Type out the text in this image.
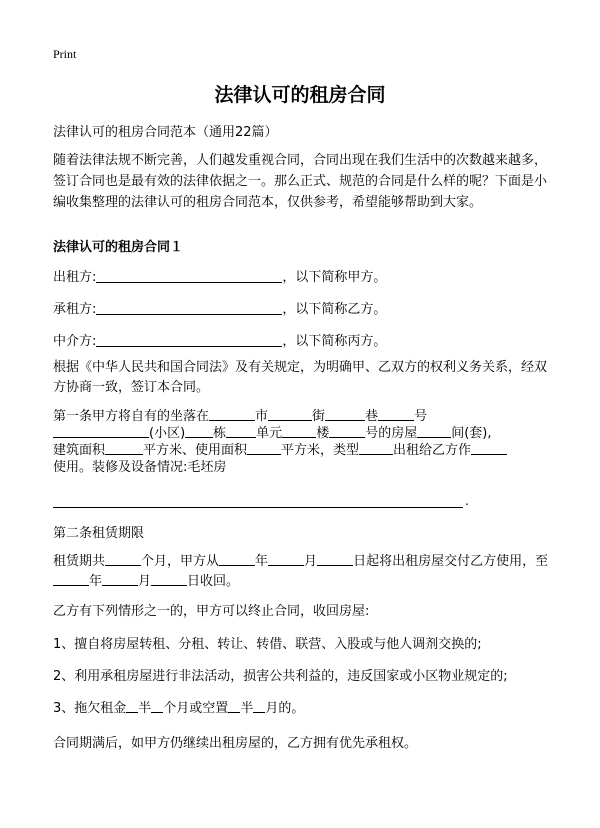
Print
法律认可的租房合同
法律认可的租房合同范本（通用22篇）
随着法律法规不断完善，人们越发重视合同，合同出现在我们生活中的次数越来越多，签订合同也是最有效的法律依据之一。那么正式、规范的合同是什么样的呢？下面是小编收集整理的法律认可的租房合同范本，仅供参考，希望能够帮助到大家。
法律认可的租房合同１
出租方:	，以下简称甲方。
承租方:	，以下简称乙方。
中介方:	，以下简称丙方。
根据《中华人民共和国合同法》及有关规定，为明确甲、乙双方的权利义务关系，经双方协商一致，签订本合同。
第一条甲方将自有的坐落在	市	街	巷	号
(小区) 栋 单元	楼	号的房屋	间(套),
建筑面积	平方米、使用面积	平方米，类型	出租给乙方作
使用。装修及设备情况:毛坯房
.
第二条租赁期限
租赁期共	个月，甲方从	年	月	日起将出租房屋交付乙方使用，至年	月	日收回。
乙方有下列情形之一的，甲方可以终止合同，收回房屋:
1、擅自将房屋转租、分租、转让、转借、联营、入股或与他人调剂交换的;
2、利用承租房屋进行非法活动，损害公共利益的，违反国家或小区物业规定的;
3、拖欠租金 半 个月或空置 半 月的。
合同期满后，如甲方仍继续出租房屋的，乙方拥有优先承租权。
